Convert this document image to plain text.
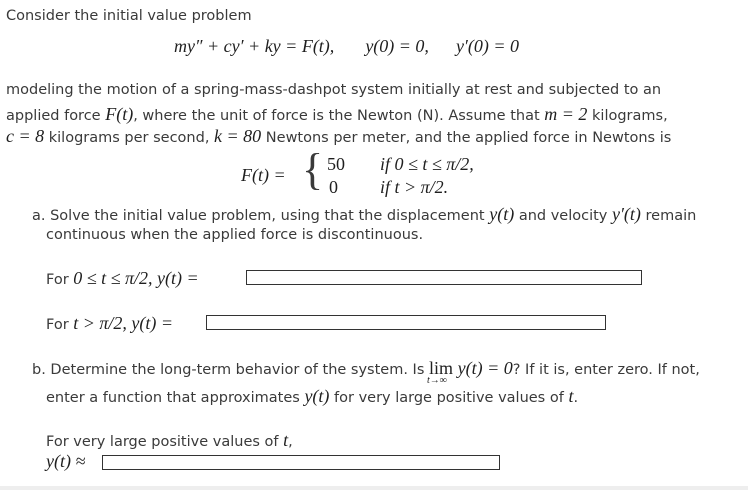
Consider the initial value problem
my″ + cy′ + ky = F(t), y(0) = 0, y′(0) = 0
modeling the motion of a spring-mass-dashpot system initially at rest and subjected to an
applied force F(t), where the unit of force is the Newton (N). Assume that m = 2 kilograms,
c = 8 kilograms per second, k = 80 Newtons per meter, and the applied force in Newtons is
F(t) = { 50 if 0 ≤ t ≤ π/2,
0 if t > π/2.
a. Solve the initial value problem, using that the displacement y(t) and velocity y′(t) remain
continuous when the applied force is discontinuous.
For 0 ≤ t ≤ π/2, y(t) =
For t > π/2, y(t) =
b. Determine the long-term behavior of the system. Is lim
t→∞
y(t) = 0? If it is, enter zero. If not,
enter a function that approximates y(t) for very large positive values of t.
For very large positive values of t,
y(t) ≈
